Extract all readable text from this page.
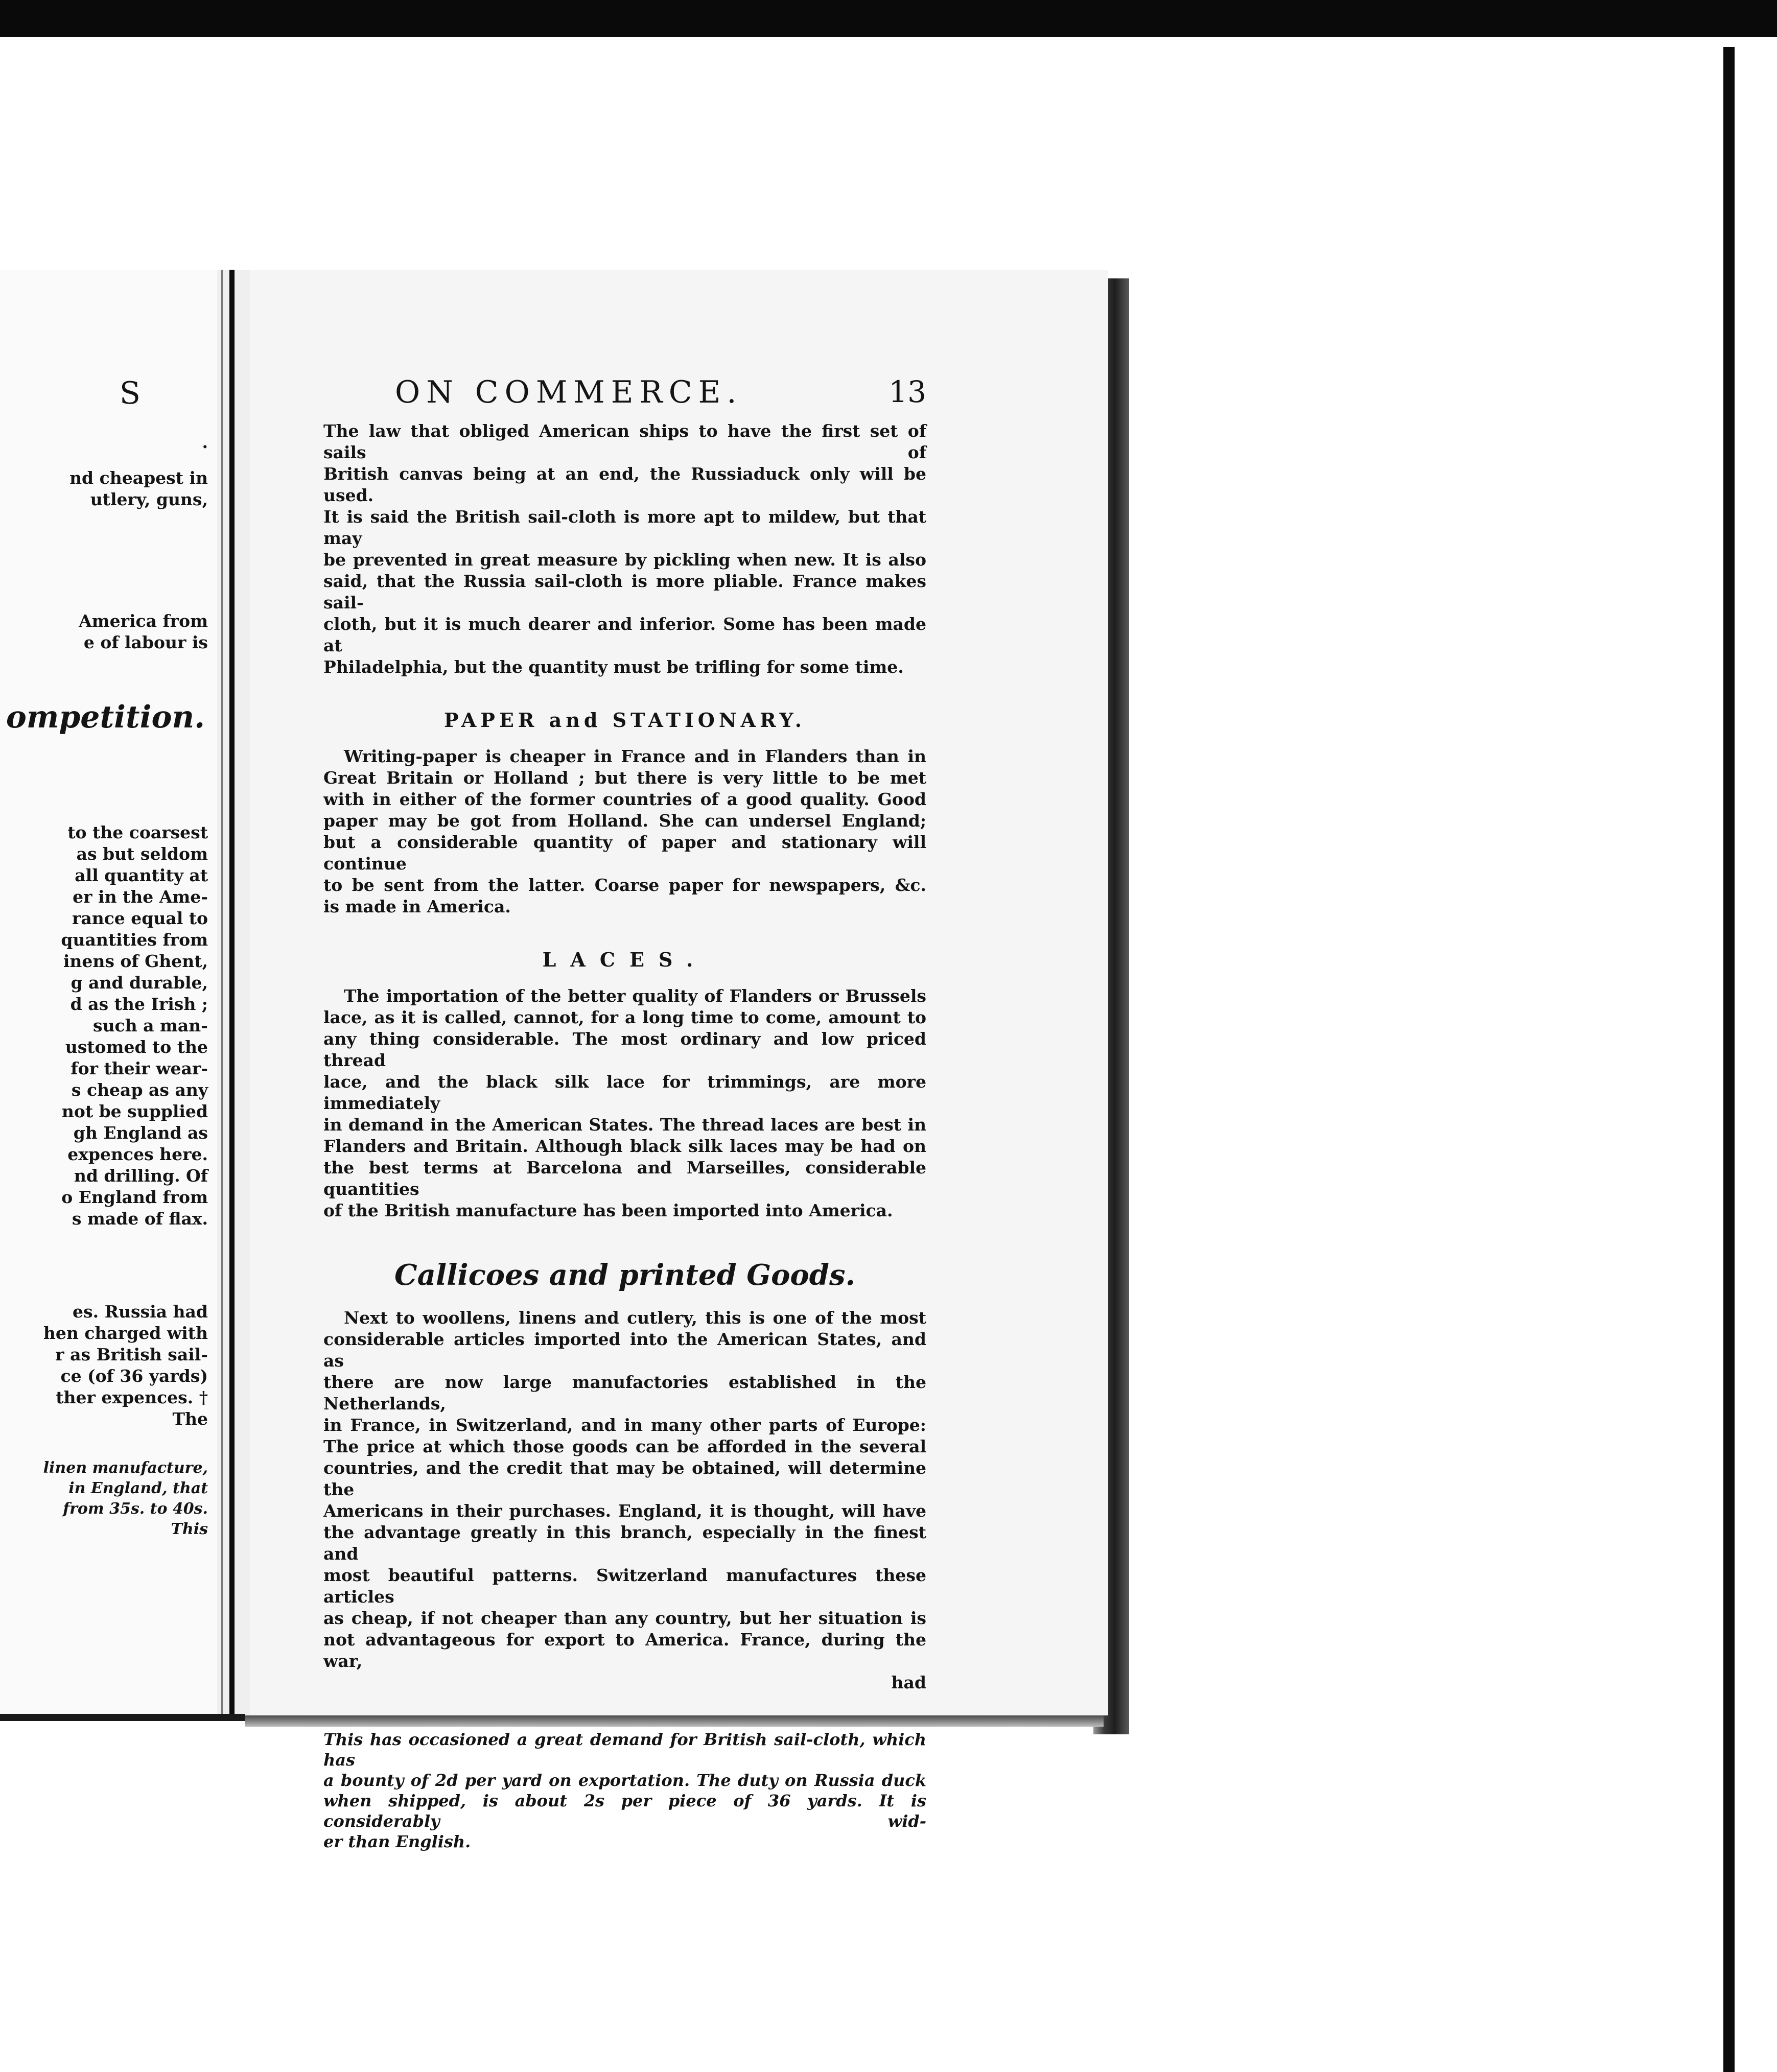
S
.
nd cheapest in
utlery, guns,
America from
e of labour is
ompetition.
to the coarsest
as but seldom
all quantity at
er in the Ame-
rance equal to
quantities from
inens of Ghent,
g and durable,
d as the Irish ;
such a man-
ustomed to the
for their wear-
s cheap as any
not be supplied
gh England as
expences here.
nd drilling. Of
o England from
s made of flax.
es. Russia had
hen charged with
r as British sail-
ce (of 36 yards)
ther expences. †
The
linen manufacture,
in England, that
from 35s. to 40s.
This
ON COMMERCE.	13
The law that obliged American ships to have the first set of sails of
British canvas being at an end, the Russiaduck only will be used.
It is said the British sail-cloth is more apt to mildew, but that may
be prevented in great measure by pickling when new. It is also
said, that the Russia sail-cloth is more pliable. France makes sail-
cloth, but it is much dearer and inferior. Some has been made at
Philadelphia, but the quantity must be trifling for some time.
PAPER and STATIONARY.
Writing-paper is cheaper in France and in Flanders than in
Great Britain or Holland ; but there is very little to be met
with in either of the former countries of a good quality. Good
paper may be got from Holland. She can undersel England;
but a considerable quantity of paper and stationary will continue
to be sent from the latter. Coarse paper for newspapers, &c.
is made in America.
LACES.
The importation of the better quality of Flanders or Brussels
lace, as it is called, cannot, for a long time to come, amount to
any thing considerable. The most ordinary and low priced thread
lace, and the black silk lace for trimmings, are more immediately
in demand in the American States. The thread laces are best in
Flanders and Britain. Although black silk laces may be had on
the best terms at Barcelona and Marseilles, considerable quantities
of the British manufacture has been imported into America.
Callicoes and printed Goods.
Next to woollens, linens and cutlery, this is one of the most
considerable articles imported into the American States, and as
there are now large manufactories established in the Netherlands,
in France, in Switzerland, and in many other parts of Europe:
The price at which those goods can be afforded in the several
countries, and the credit that may be obtained, will determine the
Americans in their purchases. England, it is thought, will have
the advantage greatly in this branch, especially in the finest and
most beautiful patterns. Switzerland manufactures these articles
as cheap, if not cheaper than any country, but her situation is
not advantageous for export to America. France, during the war,
had
This has occasioned a great demand for British sail-cloth, which has
a bounty of 2d per yard on exportation. The duty on Russia duck
when shipped, is about 2s per piece of 36 yards. It is considerably wid-
er than English.
